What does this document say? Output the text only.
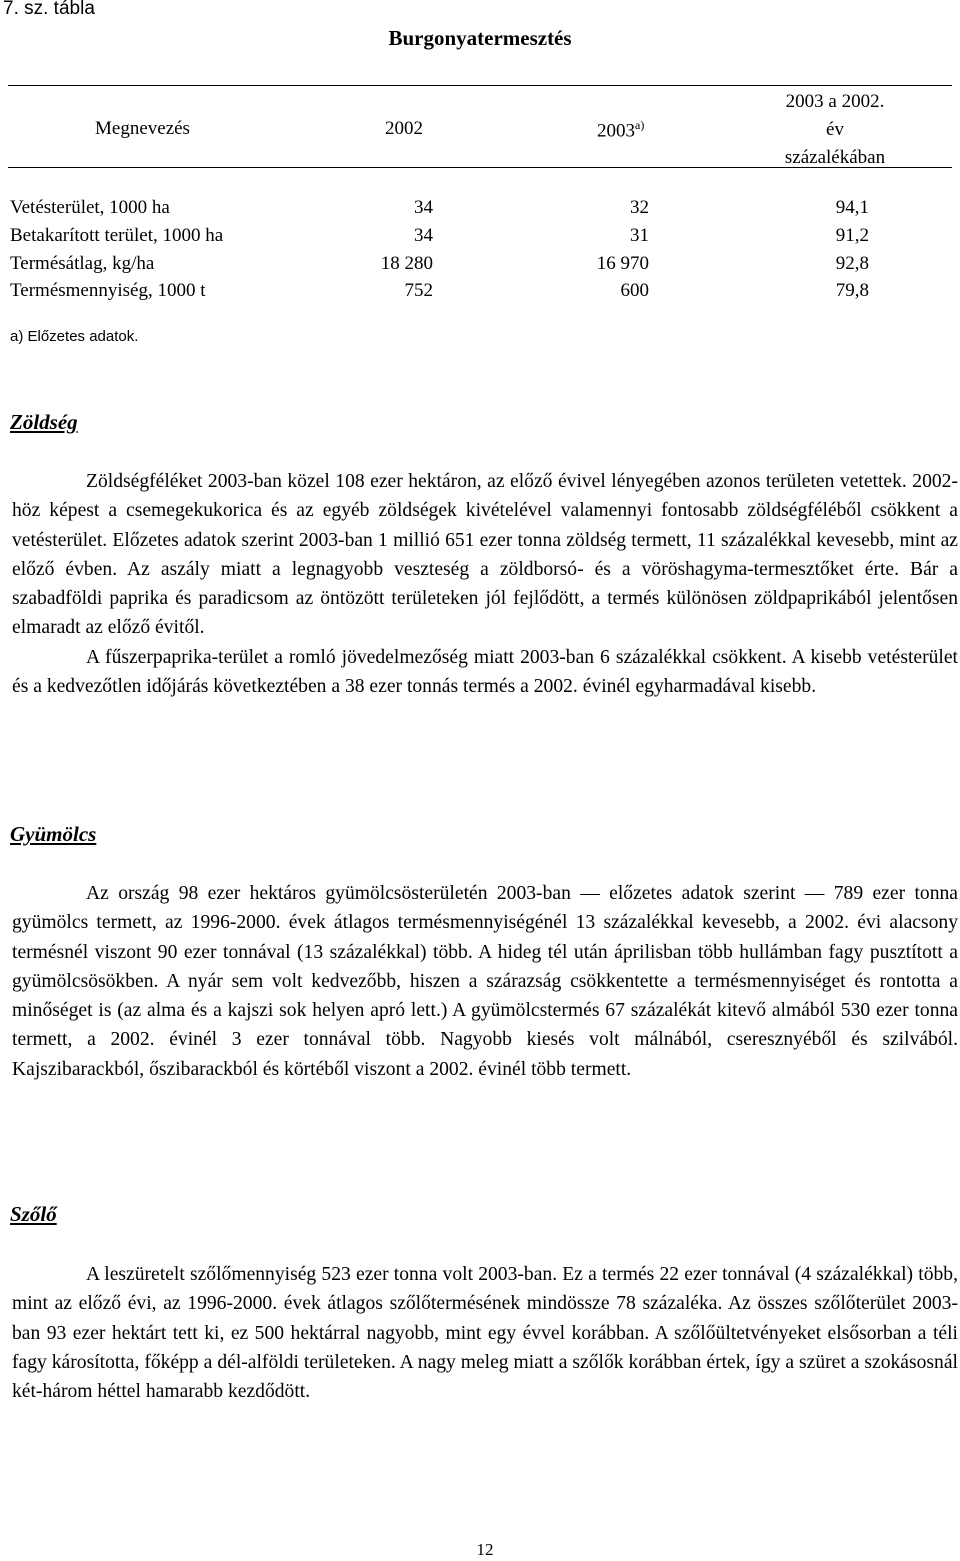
7. sz. tábla
Burgonyatermesztés
Megnevezés	2002	2003$^{a)}$
2003 a 2002.
év
százalékában
Vetésterület, 1000 ha	34	32	94,1
Betakarított terület, 1000 ha	34	31	91,2
Termésátlag, kg/ha	18 280	16 970	92,8
Termésmennyiség, 1000 t	752	600	79,8
a) Előzetes adatok.
Zöldség

Zöldségféléket 2003-ban közel 108 ezer hektáron, az előző évivel lényegében azonos területen vetettek. 2002-höz képest a csemegekukorica és az egyéb zöldségek kivételével valamennyi fontosabb zöldségféléből csökkent a vetésterület. Előzetes adatok szerint 2003-ban 1 millió 651 ezer tonna zöldség termett, 11 százalékkal kevesebb, mint az előző évben. Az aszály miatt a legnagyobb veszteség a zöldborsó- és a vöröshagyma-termesztőket érte. Bár a szabadföldi paprika és paradicsom az öntözött területeken jól fejlődött, a termés különösen zöldpaprikából jelentősen elmaradt az előző évitől.

A fűszerpaprika-terület a romló jövedelmezőség miatt 2003-ban 6 százalékkal csökkent. A kisebb vetésterület és a kedvezőtlen időjárás következtében a 38 ezer tonnás termés a 2002. évinél egyharmadával kisebb.

Gyümölcs

Az ország 98 ezer hektáros gyümölcsösterületén 2003-ban — előzetes adatok szerint — 789 ezer tonna gyümölcs termett, az 1996-2000. évek átlagos termésmennyiségénél 13 százalékkal kevesebb, a 2002. évi alacsony termésnél viszont 90 ezer tonnával (13 százalékkal) több. A hideg tél után áprilisban több hullámban fagy pusztított a gyümölcsösökben. A nyár sem volt kedvezőbb, hiszen a szárazság csökkentette a termésmennyiséget és rontotta a minőséget is (az alma és a kajszi sok helyen apró lett.) A gyümölcstermés 67 százalékát kitevő almából 530 ezer tonna termett, a 2002. évinél 3 ezer tonnával több. Nagyobb kiesés volt málnából, cseresznyéből és szilvából. Kajszibarackból, őszibarackból és körtéből viszont a 2002. évinél több termett.

Szőlő

A leszüretelt szőlőmennyiség 523 ezer tonna volt 2003-ban. Ez a termés 22 ezer tonnával (4 százalékkal) több, mint az előző évi, az 1996-2000. évek átlagos szőlőtermésének mindössze 78 százaléka. Az összes szőlőterület 2003-ban 93 ezer hektárt tett ki, ez 500 hektárral nagyobb, mint egy évvel korábban. A szőlőültetvényeket elsősorban a téli fagy károsította, főképp a dél-alföldi területeken. A nagy meleg miatt a szőlők korábban értek, így a szüret a szokásosnál két-három héttel hamarabb kezdődött.

12
